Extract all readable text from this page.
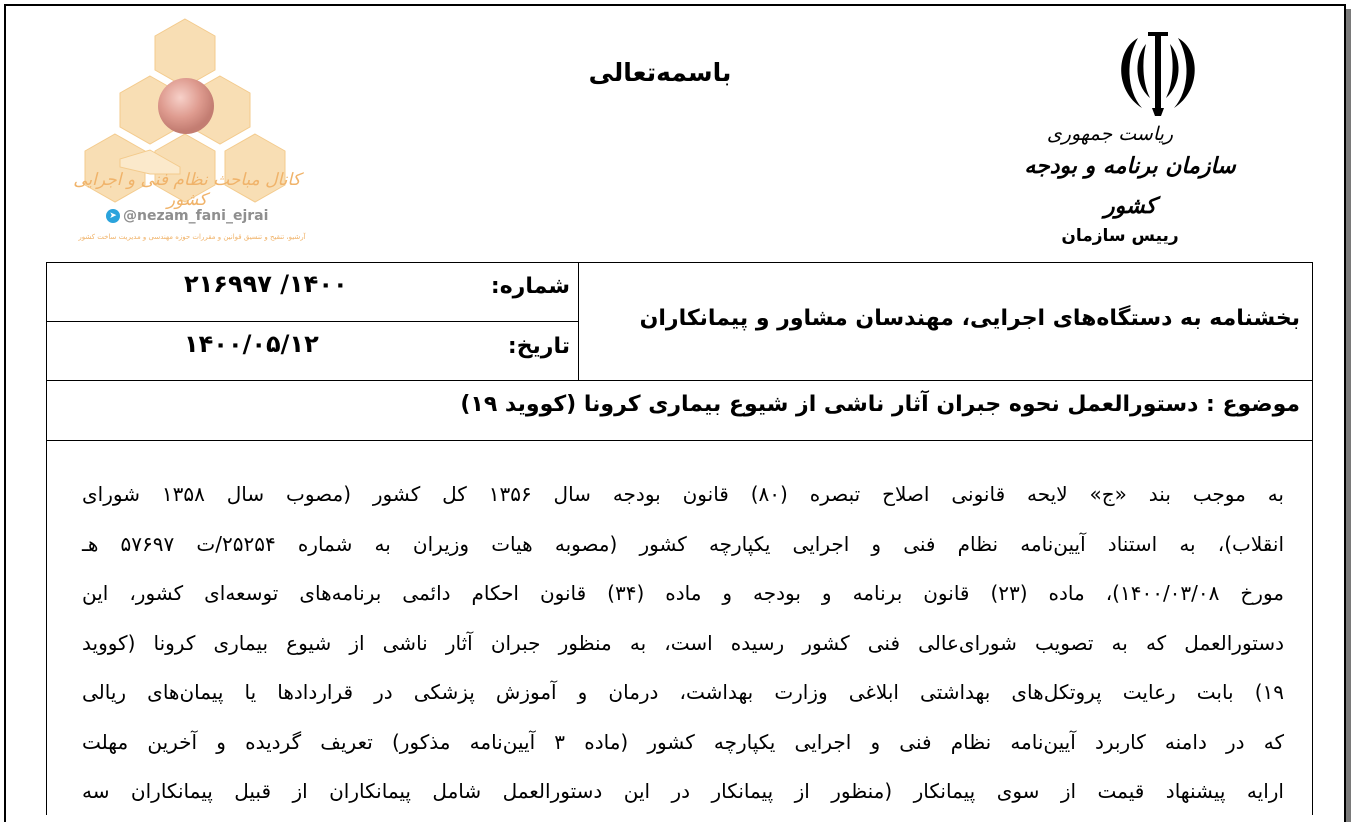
کانال مباحث نظام فنی و اجرایی کشور
➤ @nezam_fani_ejrai
آرشیو، تنقیح و تنسیق قوانین و مقررات حوزه مهندسی و مدیریت ساخت کشور
باسمه‌تعالی
ریاست جمهوری
سازمان برنامه و بودجه کشور
رییس سازمان
شماره:
۱۴۰۰/ ۲۱۶۹۹۷
تاریخ:
۱۴۰۰/۰۵/۱۲
بخشنامه به دستگاه‌های اجرایی، مهندسان مشاور و پیمانکاران
موضوع : دستورالعمل نحوه جبران آثار ناشی از شیوع بیماری کرونا (کووید ۱۹)
به موجب بند «ج» لایحه قانونی اصلاح تبصره (۸۰) قانون بودجه سال ۱۳۵۶ کل کشور (مصوب سال ۱۳۵۸ شورای
انقلاب)، به استناد آیین‌نامه نظام فنی و اجرایی یکپارچه کشور (مصوبه هیات وزیران به شماره ۲۵۲۵۴/ت ۵۷۶۹۷ هـ
مورخ ۱۴۰۰/۰۳/۰۸)، ماده (۲۳) قانون برنامه و بودجه و ماده (۳۴) قانون احکام دائمی برنامه‌های توسعه‌ای کشور، این
دستورالعمل که به تصویب شورای‌عالی فنی کشور رسیده است، به منظور جبران آثار ناشی از شیوع بیماری کرونا (کووید
۱۹) بابت رعایت پروتکل‌های بهداشتی ابلاغی وزارت بهداشت، درمان و آموزش پزشکی در قراردادها یا پیمان‌های ریالی
که در دامنه کاربرد آیین‌نامه نظام فنی و اجرایی یکپارچه کشور (ماده ۳ آیین‌نامه مذکور) تعریف گردیده و آخرین مهلت
ارایه پیشنهاد قیمت از سوی پیمانکار (منظور از پیمانکار در این دستورالعمل شامل پیمانکاران از قبیل پیمانکاران سه
